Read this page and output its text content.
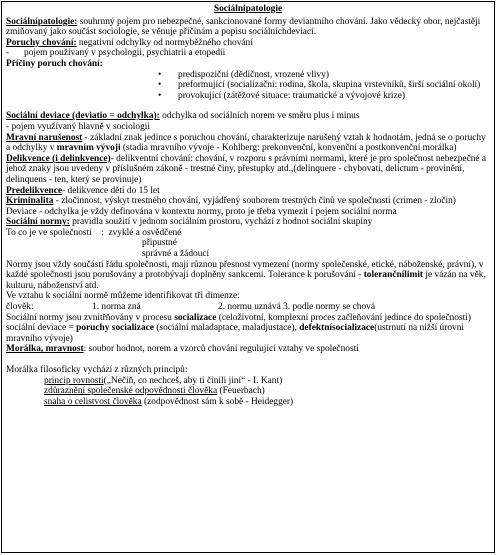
Sociálnipatologie

Sociálnípatologie: souhrnný pojem pro nebezpečné, sankcionované formy deviantního chování. Jako vědecký obor, nejčastěji zmiňovaný jako součást sociologie, se věnuje příčinám a popisu sociálníchdeviací.

Poruchy chování: negativní odchylky od normyběžného chování

- pojem používaný v psychologii, psychiatrii a etopedii

Příčiny poruch chování:

• predispoziční (dědičnost, vrozené vlivy)
• preformující (socializační: rodina, škola, skupina vrstevníků, širší sociální okolí)
• provokující (zátěžové situace: traumatické a vývojové krize)

Sociální deviace (deviatio = odchylka): odchylka od sociálních norem ve směru plus i minus

- pojem využívaný hlavně v sociologii

Mravní narušenost - základní znak jedince s poruchou chování, charakterizuje narušený vztah k hodnotám, jedná se o poruchy a odchylky v mravním vývoji (stadia mravního vývoje - Kohlberg: prekonvenční, konvenční a postkonvenční morálka)

Delikvence (i delinkvence)- delikventní chování: chování, v rozporu s právními normami, které je pro společnost nebezpečné a jehož znaky jsou uvedeny v příslušném zákoně - trestné činy, přestupky atd.,(delinquere - chybovati, delictum - provinění, delinquens - ten, který se provinuje)

Predelikvence- delikvence dětí do 15 let

Kriminalita - zločinnost, výskyt trestného chování, vyjádřený souborem trestných činů ve společnosti (crimen - zločin)

Deviace - odchylka je vždy definována v kontextu normy, proto je třeba vymezit i pojem sociální norma

Sociální normy: pravidla soužití v jednom sociálním prostoru, vychází z hodnot sociální skupiny

To co je ve společnosti    :  zvyklé a osvědčené

připustné

správné a žádoucí

Normy jsou vždy součástí řádu společnosti, mají různou přesnost vymezení (normy společenské, etické, náboženské, právní), v každé společnosti jsou porušovány a protobývají doplněny sankcemi. Tolerance k porušování - tolerančnílimit je vázán na věk, kulturu, náboženství atd.

Ve vztahu k sociální normě můžeme identifikovat tři dimenze:

člověk:	1. norma zná	2. normu uznává 3. podle normy se chová

Sociální normy jsou zvnitřňovány v procesu socializace (celoživotní, komplexní proces začleňování jedince do společnosti)

sociální deviace = poruchy socializace (sociální maladaptace, maladjustace), defektnísocializace(ustrnutí na nižší úrovni mravního vývoje)

Morálka, mravnost: soubor hodnot, norem a vzorců chování regulující vztahy ve společnosti

Morálka filosoficky vychází z různých principů:

princip rovnosti(„Nečiň, co nechceš, aby ti činili jiní“ - I. Kant)

zdůraznění společenské odpovědnosti člověka (Feuerbach)

snaha o celistvost člověka (zodpovědnost sám k sobě - Heidegger)
